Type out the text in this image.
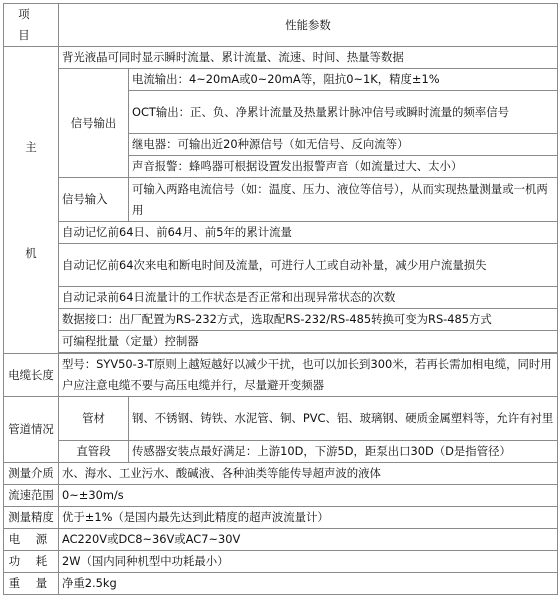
项 目	性能参数	

主
机	背光液晶可同时显示瞬时流量、累计流量、流速、时间、热量等数据	
	信号输出	电流输出：4~20mA或0~20mA等，阻抗0~1K，精度±1%
		OCT输出：正、负、净累计流量及热量累计脉冲信号或瞬时流量的频率信号
		继电器：可输出近20种源信号（如无信号、反向流等）
		声音报警：蜂鸣器可根据设置发出报警声音（如流量过大、太小）
	信号输入	可输入两路电流信号（如：温度、压力、液位等信号），从而实现热量测量或一机两用
	自动记忆前64日、前64月、前5年的累计流量	
	自动记忆前64次来电和断电时间及流量，可进行人工或自动补量，减少用户流量损失	
	自动记录前64日流量计的工作状态是否正常和出现异常状态的次数	
	数据接口：出厂配置为RS-232方式，选取配RS-232/RS-485转换可变为RS-485方式	
	可编程批量（定量）控制器	

电缆长度	型号：SYV50-3-T原则上越短越好以减少干扰，也可以加长到300米，若再长需加相电缆，同时用户应注意电缆不要与高压电缆并行，尽量避开变频器	
管道情况	管材	钢、不锈钢、铸铁、水泥管、铜、PVC、铝、玻璃钢、硬质金属塑料等，允许有衬里
	直管段	传感器安装点最好满足：上游10D，下游5D，距泵出口30D（D是指管径）
测量介质	水、海水、工业污水、酸碱液、各种油类等能传导超声波的液体	
流速范围	0~±30m/s	
测量精度	优于±1%（是国内最先达到此精度的超声波流量计）	
电 源	AC220V或DC8~36V或AC7~30V	
功 耗	2W（国内同种机型中功耗最小）	
重 量	净重2.5kg	
